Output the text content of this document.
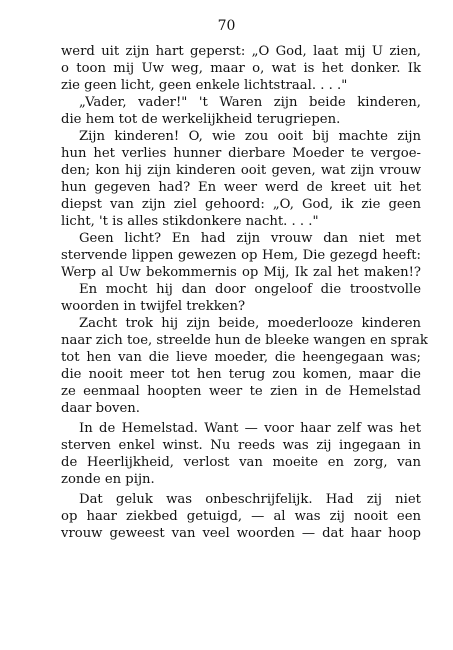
70
werd uit zijn hart geperst: „O God, laat mij U zien,
o toon mij Uw weg, maar o, wat is het donker. Ik
zie geen licht, geen enkele lichtstraal. . . ."
„Vader, vader!" 't Waren zijn beide kinderen,
die hem tot de werkelijkheid terugriepen.
Zijn kinderen! O, wie zou ooit bij machte zijn
hun het verlies hunner dierbare Moeder te vergoe-
den; kon hij zijn kinderen ooit geven, wat zijn vrouw
hun gegeven had? En weer werd de kreet uit het
diepst van zijn ziel gehoord: „O, God, ik zie geen
licht, 't is alles stikdonkere nacht. . . ."
Geen licht? En had zijn vrouw dan niet met
stervende lippen gewezen op Hem, Die gezegd heeft:
Werp al Uw bekommernis op Mij, Ik zal het maken!?
En mocht hij dan door ongeloof die troostvolle
woorden in twijfel trekken?
Zacht trok hij zijn beide, moederlooze kinderen
naar zich toe, streelde hun de bleeke wangen en sprak
tot hen van die lieve moeder, die heengegaan was;
die nooit meer tot hen terug zou komen, maar die
ze eenmaal hoopten weer te zien in de Hemelstad
daar boven.
In de Hemelstad. Want — voor haar zelf was het
sterven enkel winst. Nu reeds was zij ingegaan in
de Heerlijkheid, verlost van moeite en zorg, van
zonde en pijn.
Dat geluk was onbeschrijfelijk. Had zij niet
op haar ziekbed getuigd, — al was zij nooit een
vrouw geweest van veel woorden — dat haar hoop
